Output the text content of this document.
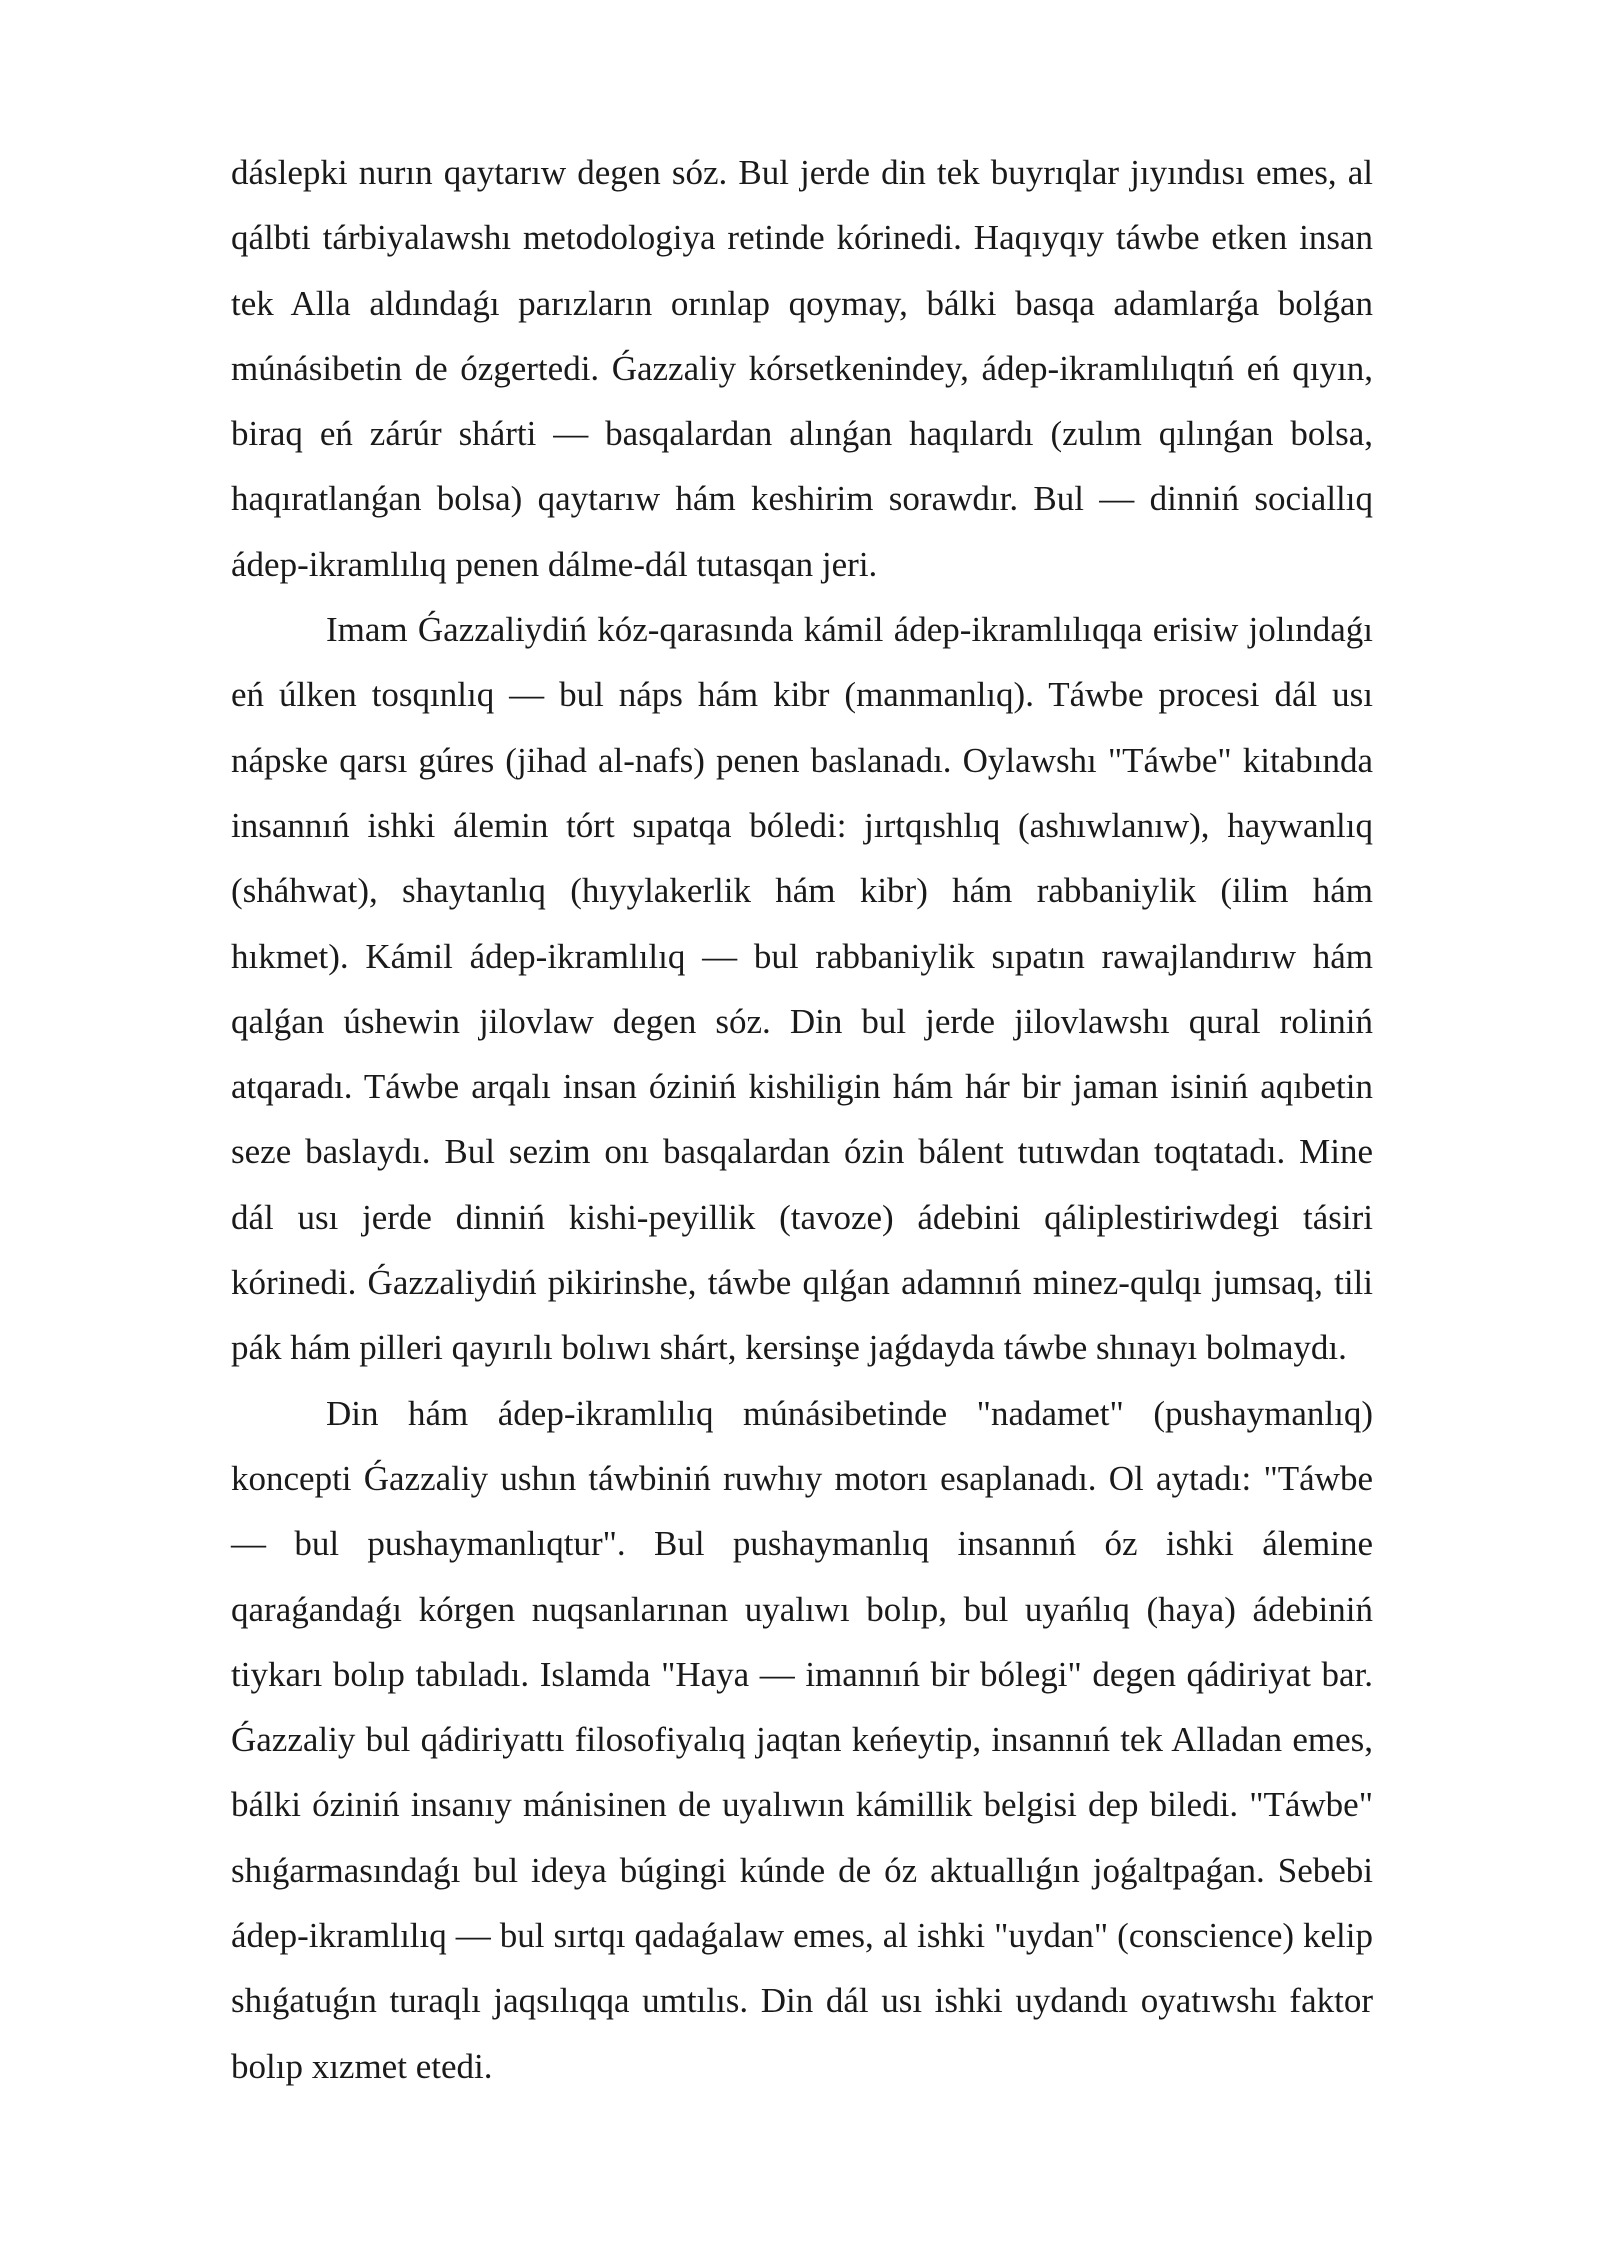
dáslepki nurın qaytarıw degen sóz. Bul jerde din tek buyrıqlar jıyındısı emes, al qálbti tárbiyalawshı metodologiya retinde kórinedi. Haqıyqıy táwbe etken insan tek Alla aldındaǵı parızların orınlap qoymay, bálki basqa adamlarǵa bolǵan múnásibetin de ózgertedi. Ǵazzaliy kórsetkenindey, ádep-ikramlılıqtıń eń qıyın, biraq eń zárúr shárti — basqalardan alınǵan haqılardı (zulım qılınǵan bolsa, haqıratlanǵan bolsa) qaytarıw hám keshirim sorawdır. Bul — dinniń sociallıq ádep-ikramlılıq penen dálme-dál tutasqan jeri.

Imam Ǵazzaliydiń kóz-qarasında kámil ádep-ikramlılıqqa erisiw jolındaǵı eń úlken tosqınlıq — bul náps hám kibr (manmanlıq). Táwbe procesi dál usı nápske qarsı gúres (jihad al-nafs) penen baslanadı. Oylawshı "Táwbe" kitabında insannıń ishki álemin tórt sıpatqa bóledi: jırtqıshlıq (ashıwlanıw), haywanlıq (sháhwat), shaytanlıq (hıyylakerlik hám kibr) hám rabbaniylik (ilim hám hıkmet). Kámil ádep-ikramlılıq — bul rabbaniylik sıpatın rawajlandırıw hám qalǵan úshewin jilovlaw degen sóz. Din bul jerde jilovlawshı qural roliniń atqaradı. Táwbe arqalı insan óziniń kishiligin hám hár bir jaman isiniń aqıbetin seze baslaydı. Bul sezim onı basqalardan ózin bálent tutıwdan toqtatadı. Mine dál usı jerde dinniń kishi-peyillik (tavoze) ádebini qáliplestiriwdegi tásiri kórinedi. Ǵazzaliydiń pikirinshe, táwbe qılǵan adamnıń minez-qulqı jumsaq, tili pák hám pilleri qayırılı bolıwı shárt, kersinşe jaǵdayda táwbe shınayı bolmaydı.

Din hám ádep-ikramlılıq múnásibetinde "nadamet" (pushaymanlıq) koncepti Ǵazzaliy ushın táwbiniń ruwhıy motorı esaplanadı. Ol aytadı: "Táwbe — bul pushaymanlıqtur". Bul pushaymanlıq insannıń óz ishki álemine qaraǵandaǵı kórgen nuqsanlarınan uyalıwı bolıp, bul uyańlıq (haya) ádebiniń tiykarı bolıp tabıladı. Islamda "Haya — imannıń bir bólegi" degen qádiriyat bar. Ǵazzaliy bul qádiriyattı filosofiyalıq jaqtan keńeytip, insannıń tek Alladan emes, bálki óziniń insanıy mánisinen de uyalıwın kámillik belgisi dep biledi. "Táwbe" shıǵarmasındaǵı bul ideya búgingi kúnde de óz aktuallıǵın joǵaltpaǵan. Sebebi ádep-ikramlılıq — bul sırtqı qadaǵalaw emes, al ishki "uydan" (conscience) kelip shıǵatuǵın turaqlı jaqsılıqqa umtılıs. Din dál usı ishki uydandı oyatıwshı faktor bolıp xızmet etedi.
